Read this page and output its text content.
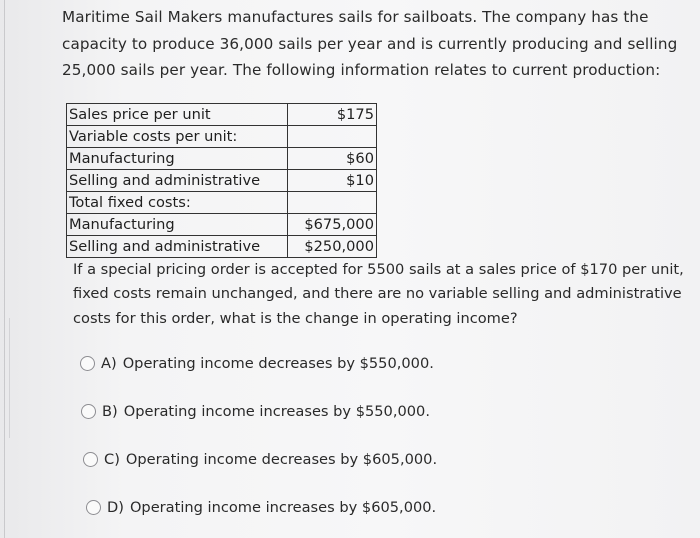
Maritime Sail Makers manufactures sails for sailboats. The company has the capacity to produce 36,000 sails per year and is currently producing and selling 25,000 sails per year. The following information relates to current production:

Sales price per unit	$175
Variable costs per unit:	
Manufacturing	$60
Selling and administrative	$10
Total fixed costs:	
Manufacturing	$675,000
Selling and administrative	$250,000

If a special pricing order is accepted for 5500 sails at a sales price of $170 per unit, fixed costs remain unchanged, and there are no variable selling and administrative costs for this order, what is the change in operating income?

A) Operating income decreases by $550,000.
B) Operating income increases by $550,000.
C) Operating income decreases by $605,000.
D) Operating income increases by $605,000.
